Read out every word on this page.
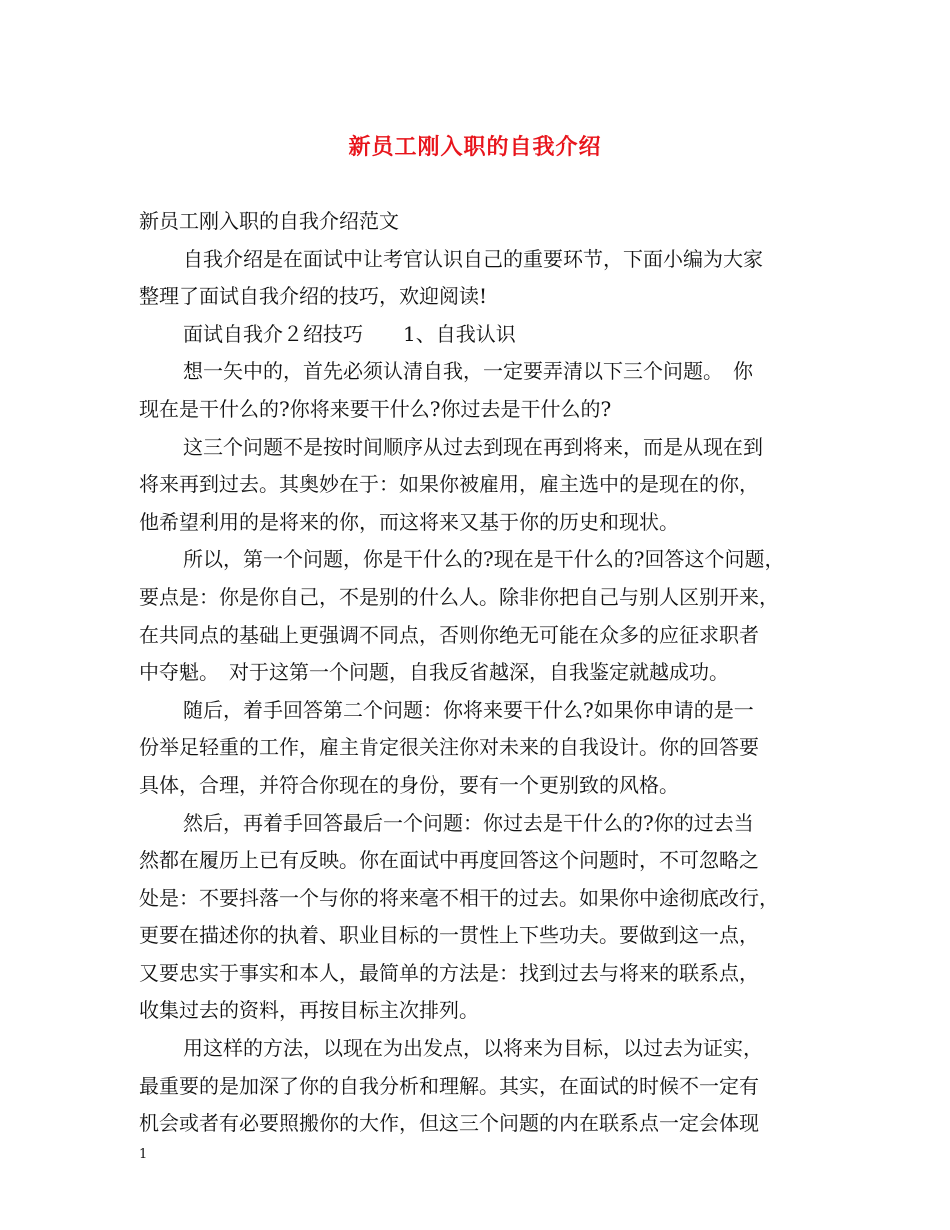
新员工刚入职的自我介绍
新员工刚入职的自我介绍范文
自我介绍是在面试中让考官认识自己的重要环节，下面小编为大家
整理了面试自我介绍的技巧，欢迎阅读!
面试自我介２绍技巧　　1、自我认识
想一矢中的，首先必须认清自我，一定要弄清以下三个问题。　你
现在是干什么的?你将来要干什么?你过去是干什么的?
这三个问题不是按时间顺序从过去到现在再到将来，而是从现在到
将来再到过去。其奥妙在于：如果你被雇用，雇主选中的是现在的你，
他希望利用的是将来的你，而这将来又基于你的历史和现状。
所以，第一个问题，你是干什么的?现在是干什么的?回答这个问题，
要点是：你是你自己，不是别的什么人。除非你把自己与别人区别开来，
在共同点的基础上更强调不同点，否则你绝无可能在众多的应征求职者
中夺魁。　对于这第一个问题，自我反省越深，自我鉴定就越成功。
随后，着手回答第二个问题：你将来要干什么?如果你申请的是一
份举足轻重的工作，雇主肯定很关注你对未来的自我设计。你的回答要
具体，合理，并符合你现在的身份，要有一个更别致的风格。
然后，再着手回答最后一个问题：你过去是干什么的?你的过去当
然都在履历上已有反映。你在面试中再度回答这个问题时，不可忽略之
处是：不要抖落一个与你的将来毫不相干的过去。如果你中途彻底改行，
更要在描述你的执着、职业目标的一贯性上下些功夫。要做到这一点，
又要忠实于事实和本人，最简单的方法是：找到过去与将来的联系点，
收集过去的资料，再按目标主次排列。
用这样的方法，以现在为出发点，以将来为目标，以过去为证实，
最重要的是加深了你的自我分析和理解。其实，在面试的时候不一定有
机会或者有必要照搬你的大作，但这三个问题的内在联系点一定会体现
1
